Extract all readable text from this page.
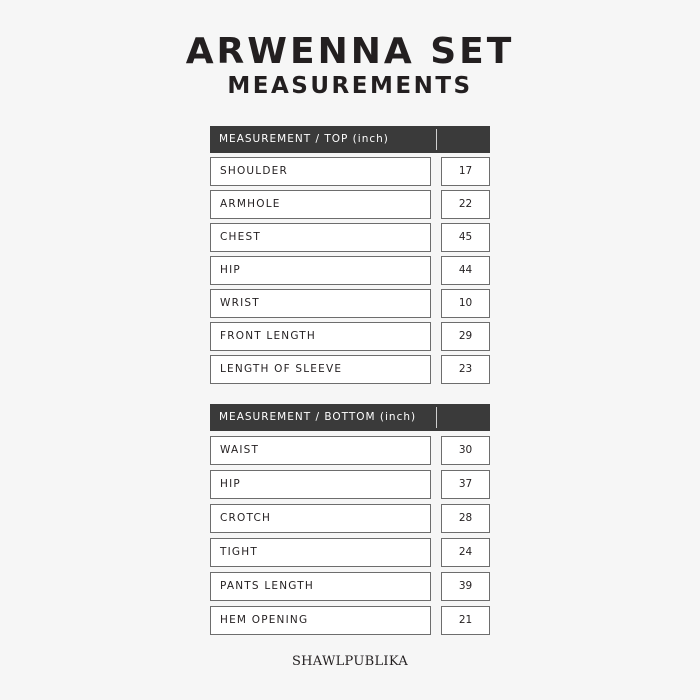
ARWENNA SET
MEASUREMENTS
MEASUREMENT / TOP (inch)
SHOULDER	17
ARMHOLE	22
CHEST	45
HIP	44
WRIST	10
FRONT LENGTH	29
LENGTH OF SLEEVE	23
MEASUREMENT / BOTTOM (inch)
WAIST	30
HIP	37
CROTCH	28
TIGHT	24
PANTS LENGTH	39
HEM OPENING	21
SHAWLPUBLIKA
